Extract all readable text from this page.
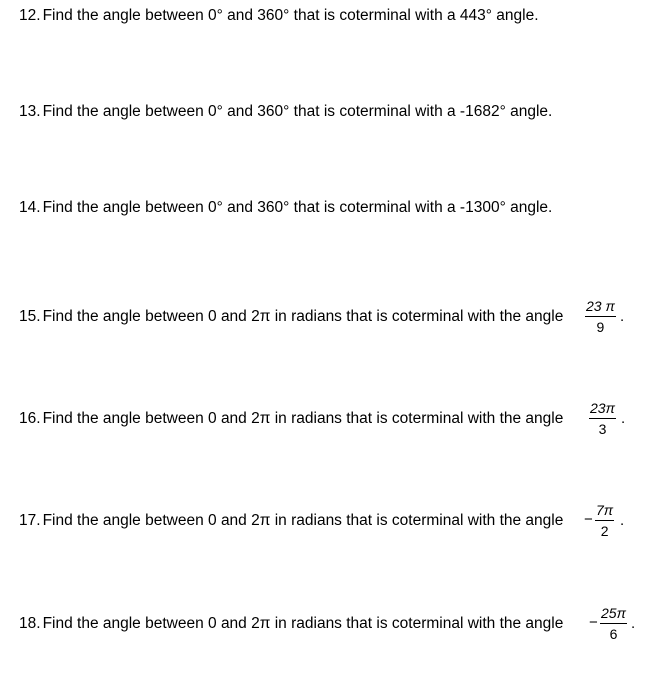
12. Find the angle between 0° and 360° that is coterminal with a 443° angle.
13. Find the angle between 0° and 360° that is coterminal with a -1682° angle.
14. Find the angle between 0° and 360° that is coterminal with a -1300° angle.
15. Find the angle between 0 and 2π in radians that is coterminal with the angle $\frac{23 \pi}{9}$ .
16. Find the angle between 0 and 2π in radians that is coterminal with the angle $\frac{23\pi}{3}$ .
17. Find the angle between 0 and 2π in radians that is coterminal with the angle − $\frac{7\pi}{2}$ .
18. Find the angle between 0 and 2π in radians that is coterminal with the angle − $\frac{25\pi}{6}$ .
